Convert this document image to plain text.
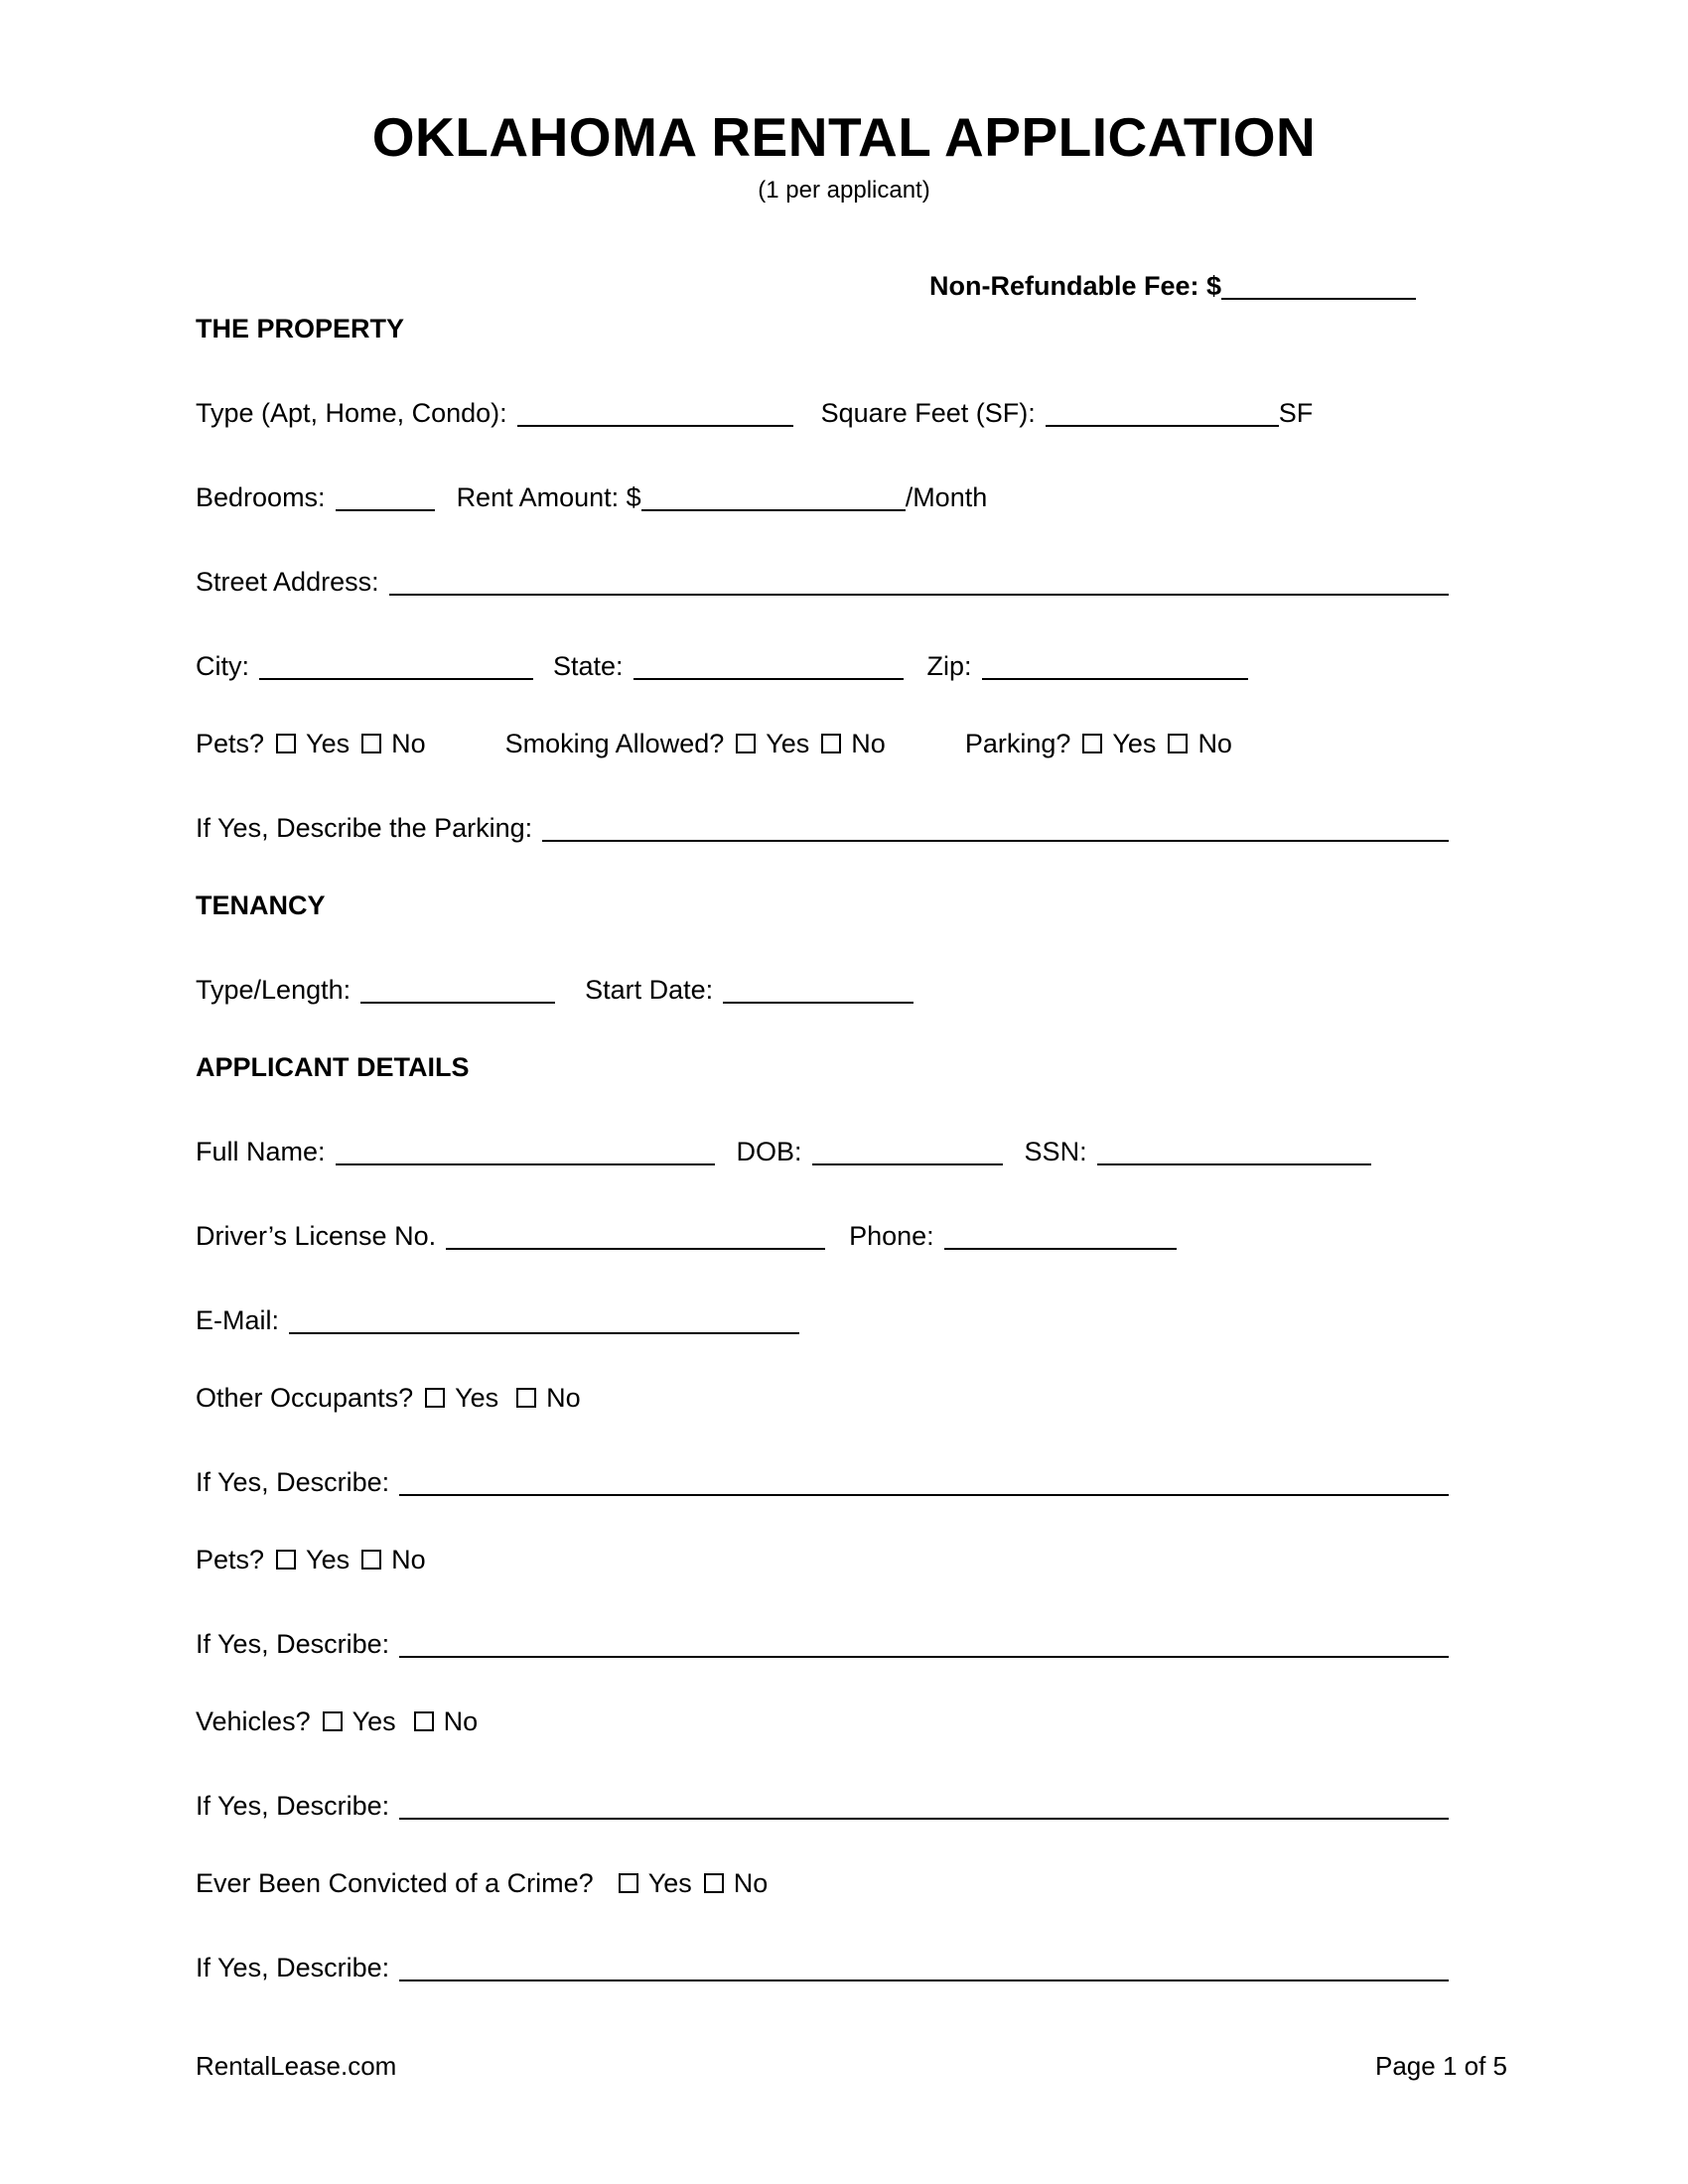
OKLAHOMA RENTAL APPLICATION
(1 per applicant)
Non-Refundable Fee: $
THE PROPERTY
Type (Apt, Home, Condo):	Square Feet (SF):	SF
Bedrooms:	Rent Amount: $	/Month
Street Address:
City:	State:	Zip:
Pets? Yes No	Smoking Allowed? Yes No	Parking? Yes No
If Yes, Describe the Parking:
TENANCY
Type/Length:	Start Date:
APPLICANT DETAILS
Full Name:	DOB:	SSN:
Driver’s License No.	Phone:
E-Mail:
Other Occupants? Yes No
If Yes, Describe:
Pets? Yes No
If Yes, Describe:
Vehicles? Yes No
If Yes, Describe:
Ever Been Convicted of a Crime? Yes No
If Yes, Describe:
RentalLease.com	Page 1 of 5
